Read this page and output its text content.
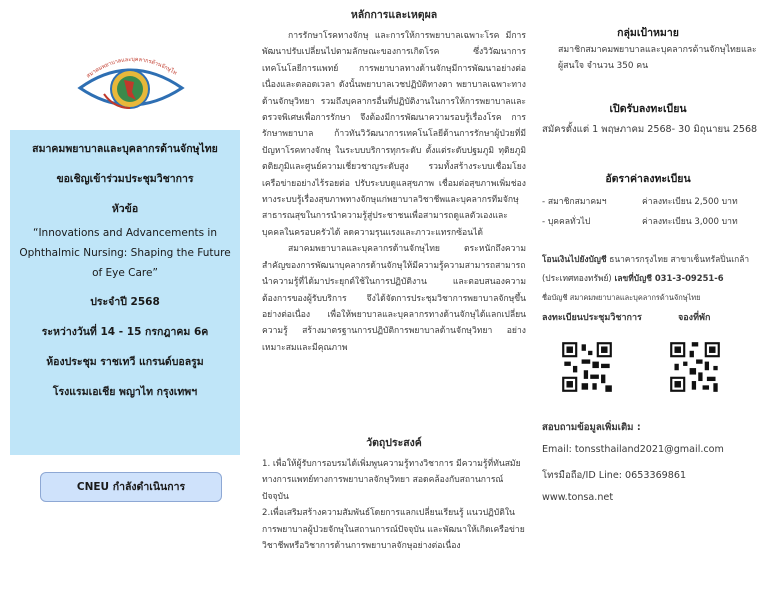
สมาคมพยาบาลและบุคลากรด้านจักษุไท
สมาคมพยาบาลและบุคลากรด้านจักษุไทย
ขอเชิญเข้าร่วมประชุมวิชาการ
หัวข้อ
“Innovations and Advancements in Ophthalmic Nursing: Shaping the Future of Eye Care”
ประจำปี 2568
ระหว่างวันที่ 14 - 15 กรกฎาคม 6ค
ห้องประชุม ราชเทวี แกรนด์บอลรูม
โรงแรมเอเชีย พญาไท กรุงเทพฯ
CNEU กำลังดำเนินการ
หลักการและเหตุผล

การรักษาโรคทางจักษุ และการให้การพยาบาลเฉพาะโรค มีการพัฒนาปรับเปลี่ยนไปตามลักษณะของการเกิดโรค ซึ่งวิวัฒนาการเทคโนโลยีการแพทย์ การพยาบาลทางด้านจักษุมีการพัฒนาอย่างต่อเนื่องและตลอดเวลา ดังนั้นพยาบาลเวชปฏิบัติทางตา พยาบาลเฉพาะทางด้านจักษุวิทยา รวมถึงบุคลากรอื่นที่ปฏิบัติงานในการให้การพยาบาลและตรวจพิเศษเพื่อการรักษา จึงต้องมีการพัฒนาความรอบรู้เรื่องโรค การรักษาพยาบาล ก้าวทันวิวัฒนาการเทคโนโลยีด้านการรักษาผู้ป่วยที่มีปัญหาโรคทางจักษุ ในระบบบริการทุกระดับ ตั้งแต่ระดับปฐมภูมิ ทุติยภูมิ ตติยภูมิและศูนย์ความเชี่ยวชาญระดับสูง รวมทั้งสร้างระบบเชื่อมโยงเครือข่ายอย่างไร้รอยต่อ ปรับระบบดูแลสุขภาพ เชื่อมต่อสุขภาพเพิ่มช่องทางระบบรู้เรื่องสุขภาพทางจักษุแก่พยาบาลวิชาชีพและบุคลากรทีมจักษุสาธารณสุขในการนำความรู้สู่ประชาชนเพื่อสามารถดูแลตัวเองและบุคคลในครอบครัวได้ ลดความรุนแรงและภาวะแทรกซ้อนได้

สมาคมพยาบาลและบุคลากรด้านจักษุไทย ตระหนักถึงความสำคัญของการพัฒนาบุคลากรด้านจักษุให้มีความรู้ความสามารถสามารถนำความรู้ที่ได้มาประยุกต์ใช้ในการปฏิบัติงาน และตอบสนองความต้องการของผู้รับบริการ จึงได้จัดการประชุมวิชาการพยาบาลจักษุขึ้นอย่างต่อเนื่อง เพื่อให้พยาบาลและบุคลากรทางด้านจักษุได้แลกเปลี่ยนความรู้ สร้างมาตรฐานการปฏิบัติการพยาบาลด้านจักษุวิทยา อย่างเหมาะสมและมีคุณภาพ

วัตถุประสงค์

1. เพื่อให้ผู้รับการอบรมได้เพิ่มพูนความรู้ทางวิชาการ มีความรู้ที่ทันสมัยทางการแพทย์ทางการพยาบาลจักษุวิทยา สอดคล้องกับสถานการณ์ปัจจุบัน

2.เพื่อเสริมสร้างความสัมพันธ์โดยการแลกเปลี่ยนเรียนรู้ แนวปฏิบัติในการพยาบาลผู้ป่วยจักษุในสถานการณ์ปัจจุบัน และพัฒนาให้เกิดเครือข่ายวิชาชีพหรือวิชาการด้านการพยาบาลจักษุอย่างต่อเนื่อง

กลุ่มเป้าหมาย
สมาชิกสมาคมพยาบาลและบุคลากรด้านจักษุไทยและผู้สนใจ จำนวน 350 คน
เปิดรับลงทะเบียน
สมัครตั้งแต่ 1 พฤษภาคม 2568- 30 มิถุนายน 2568
อัตราค่าลงทะเบียน
- สมาชิกสมาคมฯ	ค่าลงทะเบียน 2,500 บาท
- บุคคลทั่วไป	ค่าลงทะเบียน 3,000 บาท
โอนเงินไปยังบัญชี ธนาคารกรุงไทย สาขาเซ็นทรัลปิ่นเกล้า
(ประเทศทองทรัพย์) เลขที่บัญชี 031-3-09251-6
ชื่อบัญชี สมาคมพยาบาลและบุคลากรด้านจักษุไทย
ลงทะเบียนประชุมวิชาการ	จองที่พัก
สอบถามข้อมูลเพิ่มเติม :
Email: tonssthailand2021@gmail.com
โทรมือถือ/ID Line: 0653369861
www.tonsa.net
